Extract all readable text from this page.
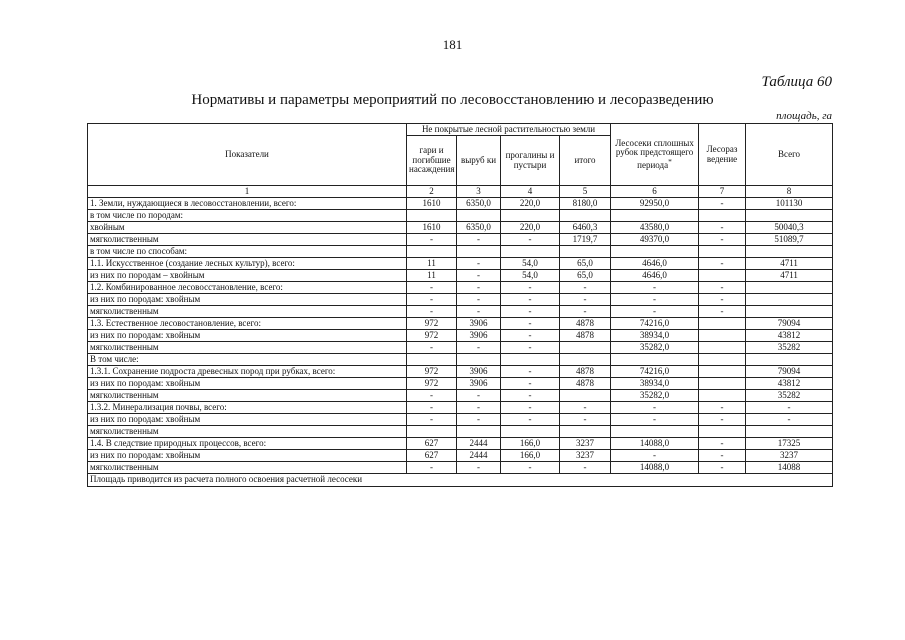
181
Таблица 60
Нормативы и параметры мероприятий по лесовосстановлению и лесоразведению
площадь, га
Показатели	Не покрытые лесной растительностью земли				Лесосеки сплошных рубок предстоящего периода*	Лесораз ведение	Всего
	гари и погибшие насаждения	выруб ки	прогалины и пустыри	итого			
1	2	3	4	5	6	7	8
1. Земли, нуждающиеся в лесовосстановлении, всего:	1610	6350,0	220,0	8180,0	92950,0	-	101130
в том числе по породам:							
хвойным	1610	6350,0	220,0	6460,3	43580,0	-	50040,3
мягколиственным	-	-	-	1719,7	49370,0	-	51089,7
в том числе по способам:							
1.1. Искусственное (создание лесных культур), всего:	11	-	54,0	65,0	4646,0	-	4711
из них по породам – хвойным	11	-	54,0	65,0	4646,0		4711
1.2. Комбинированное лесовосстановление, всего:	-	-	-	-	-	-	
из них по породам: хвойным	-	-	-	-	-	-	
мягколиственным	-	-	-	-	-	-	
1.3. Естественное лесовостановление, всего:	972	3906	-	4878	74216,0		79094
из них по породам: хвойным	972	3906	-	4878	38934,0		43812
мягколиственным	-	-	-		35282,0		35282
В том числе:							
1.3.1. Сохранение подроста древесных пород при рубках, всего:	972	3906	-	4878	74216,0		79094
из них по породам: хвойным	972	3906	-	4878	38934,0		43812
мягколиственным	-	-	-		35282,0		35282
1.3.2. Минерализация почвы, всего:	-	-	-	-	-	-	-
из них по породам: хвойным	-	-	-	-	-	-	-
мягколиственным							
1.4. В следствие природных процессов, всего:	627	2444	166,0	3237	14088,0	-	17325
из них по породам: хвойным	627	2444	166,0	3237	-	-	3237
мягколиственным	-	-	-	-	14088,0	-	14088
Площадь приводится из расчета полного освоения расчетной лесосеки							
